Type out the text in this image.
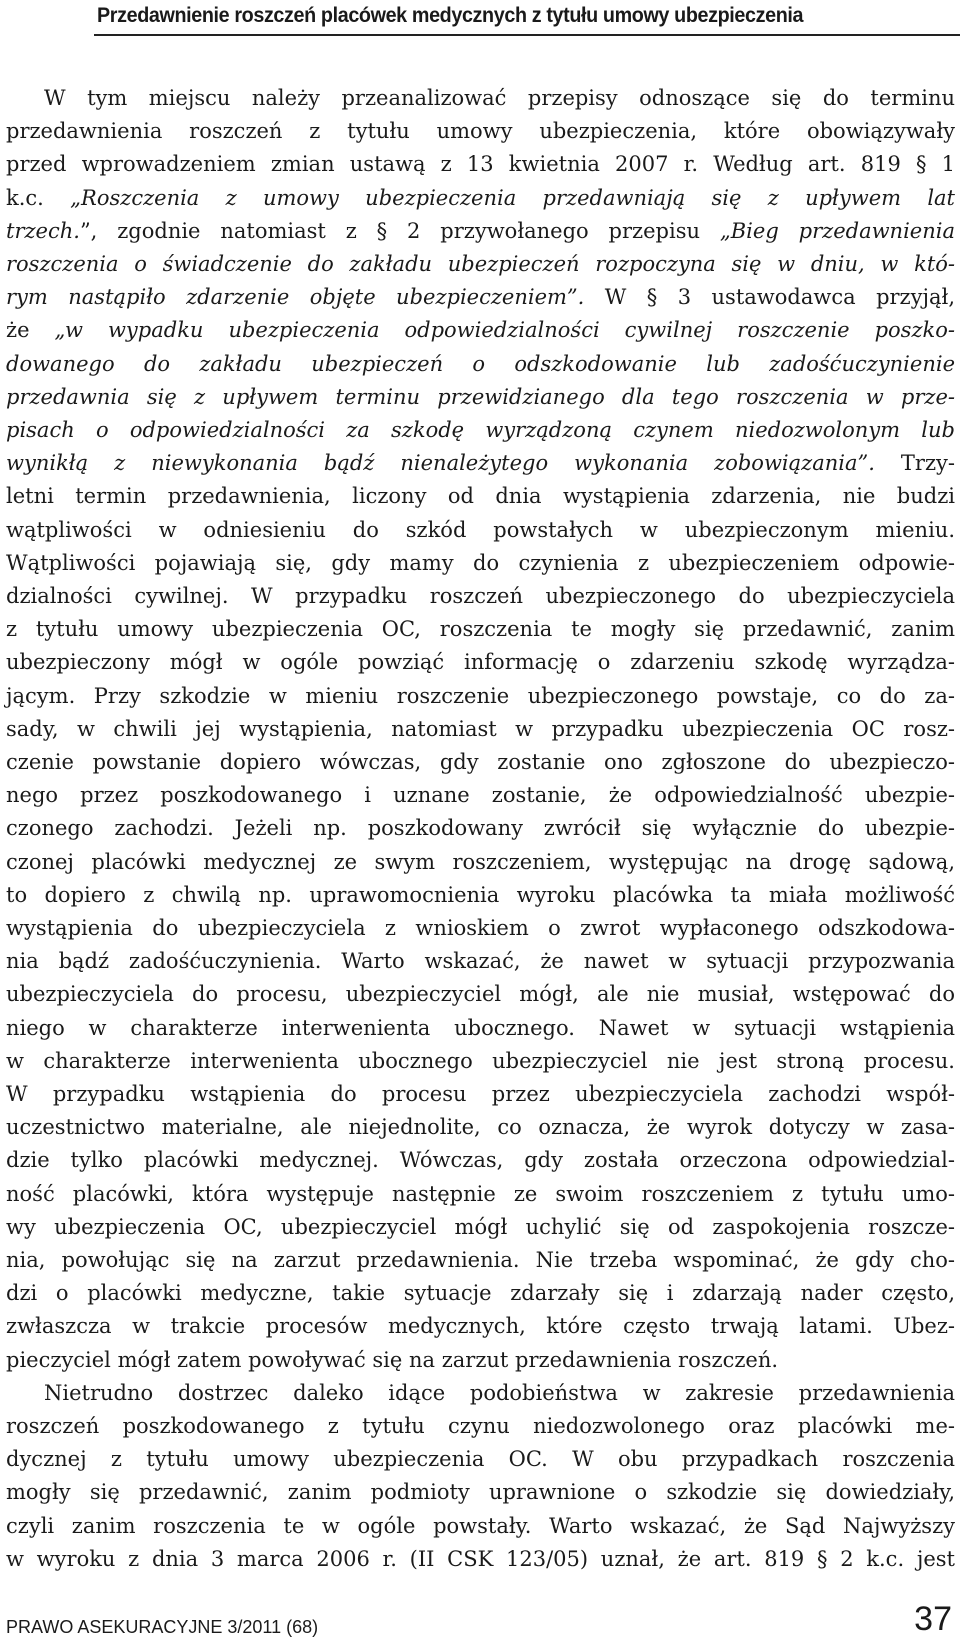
Przedawnienie roszczeń placówek medycznych z tytułu umowy ubezpieczenia
W tym miejscu należy przeanalizować przepisy odnoszące się do terminu
przedawnienia roszczeń z tytułu umowy ubezpieczenia, które obowiązywały
przed wprowadzeniem zmian ustawą z 13 kwietnia 2007 r. Według art. 819 § 1
k.c. „Roszczenia z umowy ubezpieczenia przedawniają się z upływem lat
trzech.”, zgodnie natomiast z § 2 przywołanego przepisu „Bieg przedawnienia
roszczenia o świadczenie do zakładu ubezpieczeń rozpoczyna się w dniu, w któ-
rym nastąpiło zdarzenie objęte ubezpieczeniem”. W § 3 ustawodawca przyjął,
że „w wypadku ubezpieczenia odpowiedzialności cywilnej roszczenie poszko-
dowanego do zakładu ubezpieczeń o odszkodowanie lub zadośćuczynienie
przedawnia się z upływem terminu przewidzianego dla tego roszczenia w prze-
pisach o odpowiedzialności za szkodę wyrządzoną czynem niedozwolonym lub
wynikłą z niewykonania bądź nienależytego wykonania zobowiązania”. Trzy-
letni termin przedawnienia, liczony od dnia wystąpienia zdarzenia, nie budzi
wątpliwości w odniesieniu do szkód powstałych w ubezpieczonym mieniu.
Wątpliwości pojawiają się, gdy mamy do czynienia z ubezpieczeniem odpowie-
dzialności cywilnej. W przypadku roszczeń ubezpieczonego do ubezpieczyciela
z tytułu umowy ubezpieczenia OC, roszczenia te mogły się przedawnić, zanim
ubezpieczony mógł w ogóle powziąć informację o zdarzeniu szkodę wyrządza-
jącym. Przy szkodzie w mieniu roszczenie ubezpieczonego powstaje, co do za-
sady, w chwili jej wystąpienia, natomiast w przypadku ubezpieczenia OC rosz-
czenie powstanie dopiero wówczas, gdy zostanie ono zgłoszone do ubezpieczo-
nego przez poszkodowanego i uznane zostanie, że odpowiedzialność ubezpie-
czonego zachodzi. Jeżeli np. poszkodowany zwrócił się wyłącznie do ubezpie-
czonej placówki medycznej ze swym roszczeniem, występując na drogę sądową,
to dopiero z chwilą np. uprawomocnienia wyroku placówka ta miała możliwość
wystąpienia do ubezpieczyciela z wnioskiem o zwrot wypłaconego odszkodowa-
nia bądź zadośćuczynienia. Warto wskazać, że nawet w sytuacji przypozwania
ubezpieczyciela do procesu, ubezpieczyciel mógł, ale nie musiał, wstępować do
niego w charakterze interwenienta ubocznego. Nawet w sytuacji wstąpienia
w charakterze interwenienta ubocznego ubezpieczyciel nie jest stroną procesu.
W przypadku wstąpienia do procesu przez ubezpieczyciela zachodzi współ-
uczestnictwo materialne, ale niejednolite, co oznacza, że wyrok dotyczy w zasa-
dzie tylko placówki medycznej. Wówczas, gdy została orzeczona odpowiedzial-
ność placówki, która występuje następnie ze swoim roszczeniem z tytułu umo-
wy ubezpieczenia OC, ubezpieczyciel mógł uchylić się od zaspokojenia roszcze-
nia, powołując się na zarzut przedawnienia. Nie trzeba wspominać, że gdy cho-
dzi o placówki medyczne, takie sytuacje zdarzały się i zdarzają nader często,
zwłaszcza w trakcie procesów medycznych, które często trwają latami. Ubez-
pieczyciel mógł zatem powoływać się na zarzut przedawnienia roszczeń.
Nietrudno dostrzec daleko idące podobieństwa w zakresie przedawnienia
roszczeń poszkodowanego z tytułu czynu niedozwolonego oraz placówki me-
dycznej z tytułu umowy ubezpieczenia OC. W obu przypadkach roszczenia
mogły się przedawnić, zanim podmioty uprawnione o szkodzie się dowiedziały,
czyli zanim roszczenia te w ogóle powstały. Warto wskazać, że Sąd Najwyższy
w wyroku z dnia 3 marca 2006 r. (II CSK 123/05) uznał, że art. 819 § 2 k.c. jest
PRAWO ASEKURACYJNE 3/2011 (68)	37
